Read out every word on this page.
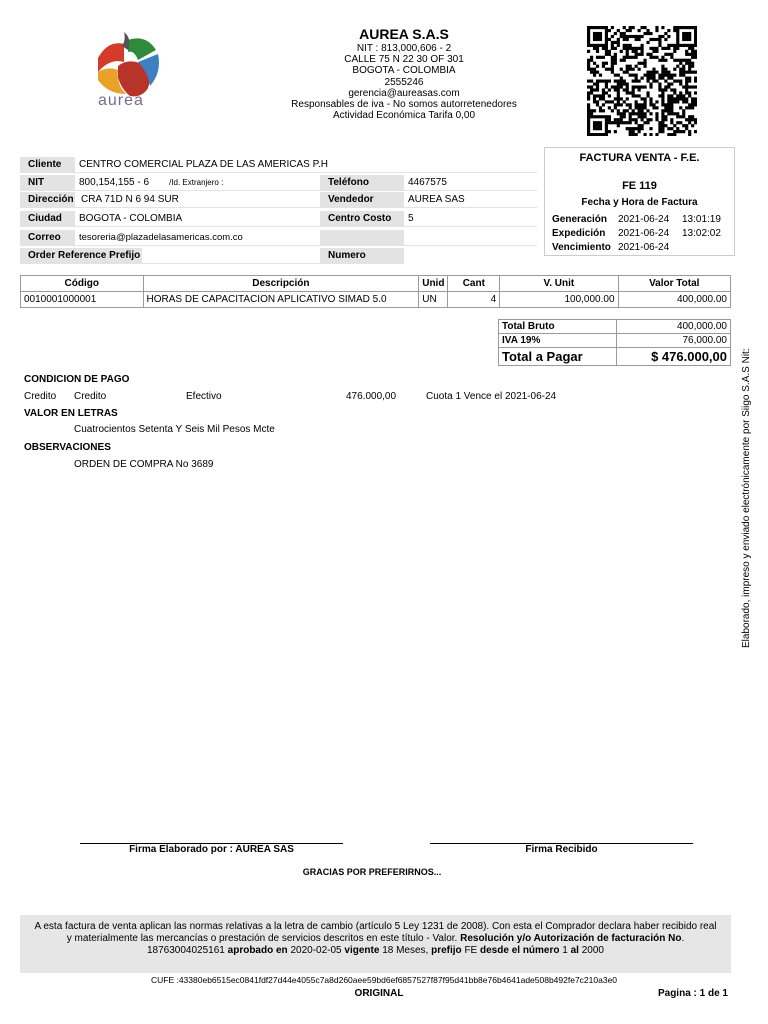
aurea
AUREA S.A.S
NIT : 813,000,606 - 2
CALLE 75 N 22 30 OF 301
BOGOTA - COLOMBIA
2555246
gerencia@aureasas.com
Responsables de iva - No somos autorretenedores
Actividad Económica Tarifa 0,00
FACTURA VENTA - F.E.
FE 119
Fecha y Hora de Factura
Generación 2021-06-24 13:01:19
Expedición 2021-06-24 13:02:02
Vencimiento 2021-06-24
Cliente	CENTRO COMERCIAL PLAZA DE LAS AMERICAS P.H
NIT	800,154,155 - 6	/Id. Extranjero :	Teléfono	4467575
Dirección CRA 71D N 6 94 SUR	Vendedor	AUREA SAS
Ciudad	BOGOTA - COLOMBIA	Centro Costo	5
Correo	tesoreria@plazadelasamericas.com.co
Order Reference Prefijo	Numero
Código	Descripción	Unid	Cant	V. Unit	Valor Total
0010001000001	HORAS DE CAPACITACION APLICATIVO SIMAD 5.0	UN	4	100,000.00	400,000.00
Total Bruto	400,000.00
IVA 19%	76,000.00
Total a Pagar	$ 476.000,00
CONDICION DE PAGO
Credito Credito	Efectivo	476.000,00	Cuota 1 Vence el 2021-06-24
VALOR EN LETRAS
Cuatrocientos Setenta Y Seis Mil Pesos Mcte
OBSERVACIONES
ORDEN DE COMPRA No 3689	Elaborado, impreso y enviado electrónicamente por Siigo S.A.S Nit:
Firma Elaborado por : AUREA SAS	Firma Recibido
GRACIAS POR PREFERIRNOS...
A esta factura de venta aplican las normas relativas a la letra de cambio (artículo 5 Ley 1231 de 2008). Con esta el Comprador declara haber recibido real
y materialmente las mercancías o prestación de servicios descritos en este título - Valor. Resolución y/o Autorización de facturación No.
18763004025161 aprobado en 2020-02-05 vigente 18 Meses, prefijo FE desde el número 1 al 2000
CUFE :43380eb6515ec0841fdf27d44e4055c7a8d260aee59bd6ef6857527f87f95d41bb8e76b4641ade508b492fe7c210a3e0
ORIGINAL	Pagina : 1 de 1
